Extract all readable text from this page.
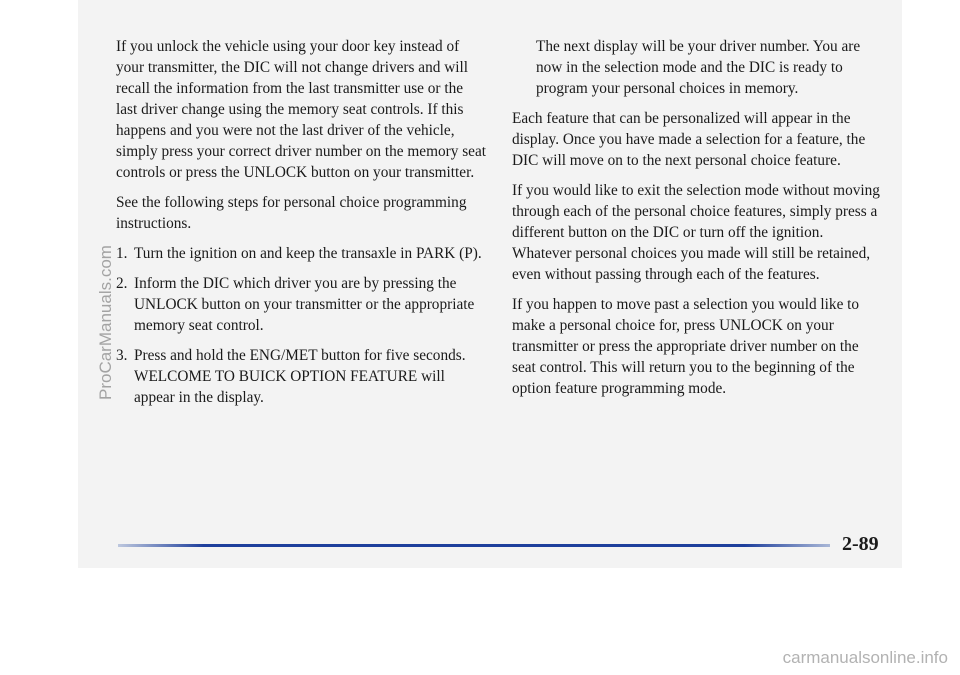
If you unlock the vehicle using your door key instead of your transmitter, the DIC will not change drivers and will recall the information from the last transmitter use or the last driver change using the memory seat controls. If this happens and you were not the last driver of the vehicle, simply press your correct driver number on the memory seat controls or press the UNLOCK button on your transmitter.

See the following steps for personal choice programming instructions.

1. Turn the ignition on and keep the transaxle in PARK (P).
2. Inform the DIC which driver you are by pressing the UNLOCK button on your transmitter or the appropriate memory seat control.
3. Press and hold the ENG/MET button for five seconds. WELCOME TO BUICK OPTION FEATURE will appear in the display.

The next display will be your driver number. You are now in the selection mode and the DIC is ready to program your personal choices in memory.

Each feature that can be personalized will appear in the display. Once you have made a selection for a feature, the DIC will move on to the next personal choice feature.

If you would like to exit the selection mode without moving through each of the personal choice features, simply press a different button on the DIC or turn off the ignition. Whatever personal choices you made will still be retained, even without passing through each of the features.

If you happen to move past a selection you would like to make a personal choice for, press UNLOCK on your transmitter or press the appropriate driver number on the seat control. This will return you to the beginning of the option feature programming mode.

2-89
ProCarManuals.com
carmanualsonline.info
